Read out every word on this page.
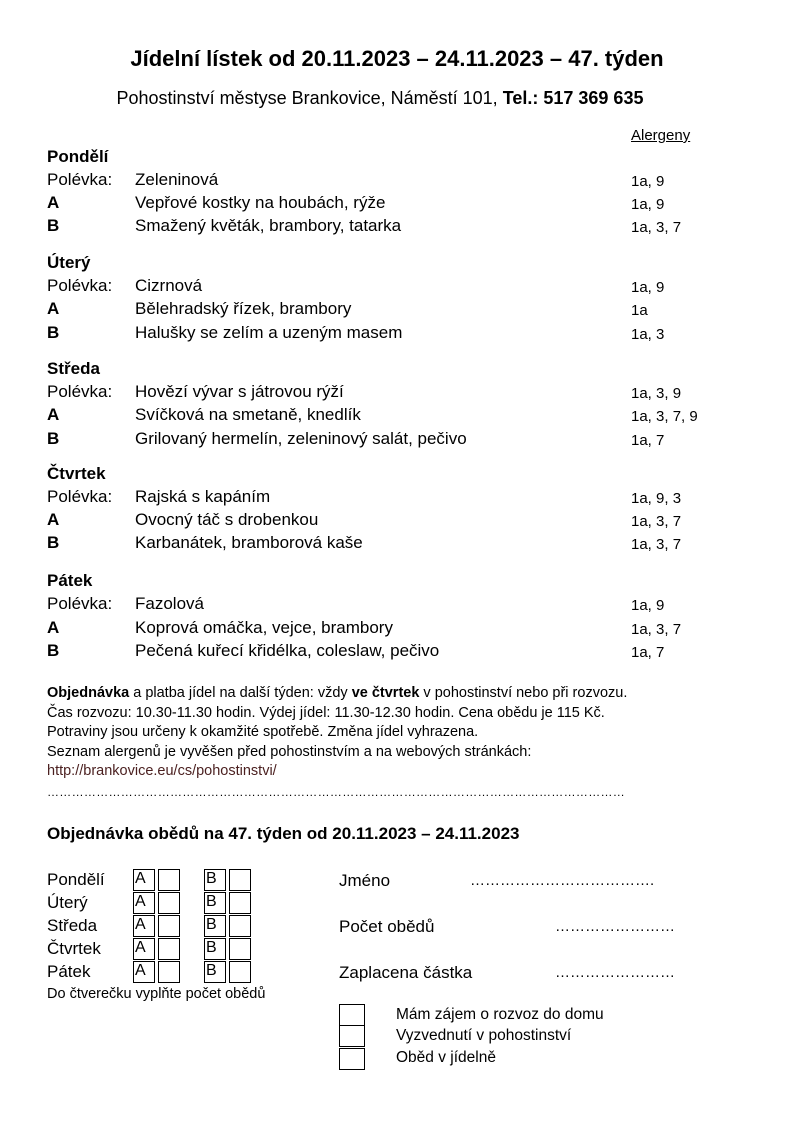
Jídelní lístek od 20.11.2023 – 24.11.2023 – 47. týden
Pohostinství městyse Brankovice, Náměstí 101, Tel.: 517 369 635
Alergeny
Pondělí
Polévka: Zeleninová	1a, 9
A	Vepřové kostky na houbách, rýže	1a, 9
B	Smažený květák, brambory, tatarka	1a, 3, 7
Úterý
Polévka: Cizrnová	1a, 9
A	Bělehradský řízek, brambory	1a
B	Halušky se zelím a uzeným masem	1a, 3
Středa
Polévka: Hovězí vývar s játrovou rýží	1a, 3, 9
A	Svíčková na smetaně, knedlík	1a, 3, 7, 9
B	Grilovaný hermelín, zeleninový salát, pečivo	1a, 7
Čtvrtek
Polévka: Rajská s kapáním	1a, 9, 3
A	Ovocný táč s drobenkou	1a, 3, 7
B	Karbanátek, bramborová kaše	1a, 3, 7
Pátek
Polévka: Fazolová	1a, 9
A	Koprová omáčka, vejce, brambory	1a, 3, 7
B	Pečená kuřecí křidélka, coleslaw, pečivo	1a, 7
Objednávka a platba jídel na další týden: vždy ve čtvrtek v pohostinství nebo při rozvozu.
Čas rozvozu: 10.30-11.30 hodin. Výdej jídel: 11.30-12.30 hodin. Cena obědu je 115 Kč.
Potraviny jsou určeny k okamžité spotřebě. Změna jídel vyhrazena.
Seznam alergenů je vyvěšen před pohostinstvím a na webových stránkách:
http://brankovice.eu/cs/pohostinstvi/
……………………………………………………………………………………………………………………………
Objednávka obědů na 47. týden od 20.11.2023 – 24.11.2023
Pondělí A	B
Úterý	A	B
Středa A	B
Čtvrtek A	B
Pátek	A	B
Do čtverečku vyplňte počet obědů
Jméno	……………………………….
Počet obědů	……………………
Zaplacena částka	……………………
Mám zájem o rozvoz do domu
Vyzvednutí v pohostinství
Oběd v jídelně
